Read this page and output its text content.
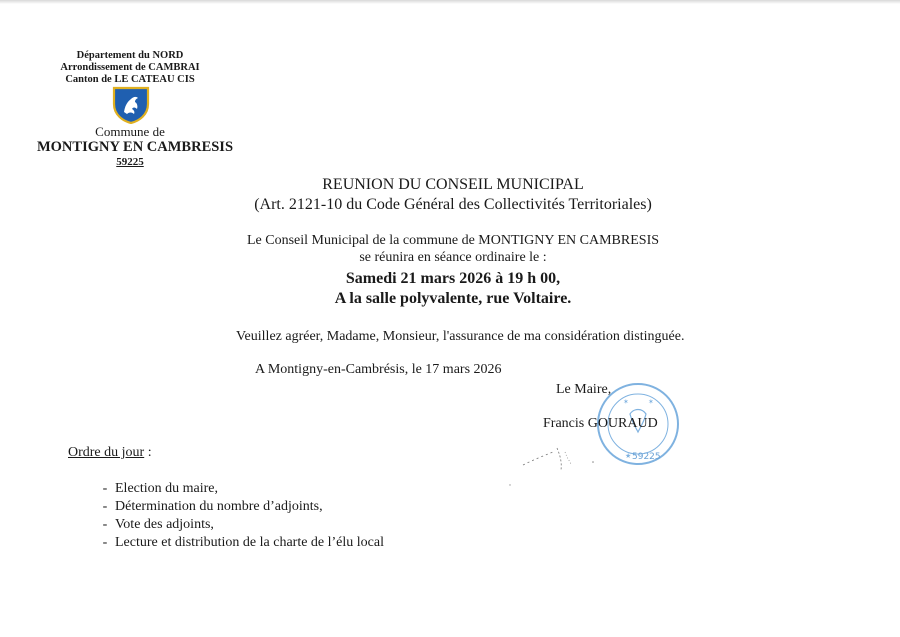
Département du NORD
Arrondissement de CAMBRAI
Canton de LE CATEAU CIS
Commune de
MONTIGNY EN CAMBRESIS
59225
REUNION DU CONSEIL MUNICIPAL
(Art. 2121-10 du Code Général des Collectivités Territoriales)
Le Conseil Municipal de la commune de MONTIGNY EN CAMBRESIS
se réunira en séance ordinaire le :
Samedi 21 mars 2026 à 19 h 00,
A la salle polyvalente, rue Voltaire.
Veuillez agréer, Madame, Monsieur, l'assurance de ma considération distinguée.
A Montigny-en-Cambrésis, le 17 mars 2026
Le Maire,
✶	✶
★ 59225
Francis GOURAUD
Ordre du jour :
- Election du maire,
- Détermination du nombre d’adjoints,
- Vote des adjoints,
- Lecture et distribution de la charte de l’élu local
